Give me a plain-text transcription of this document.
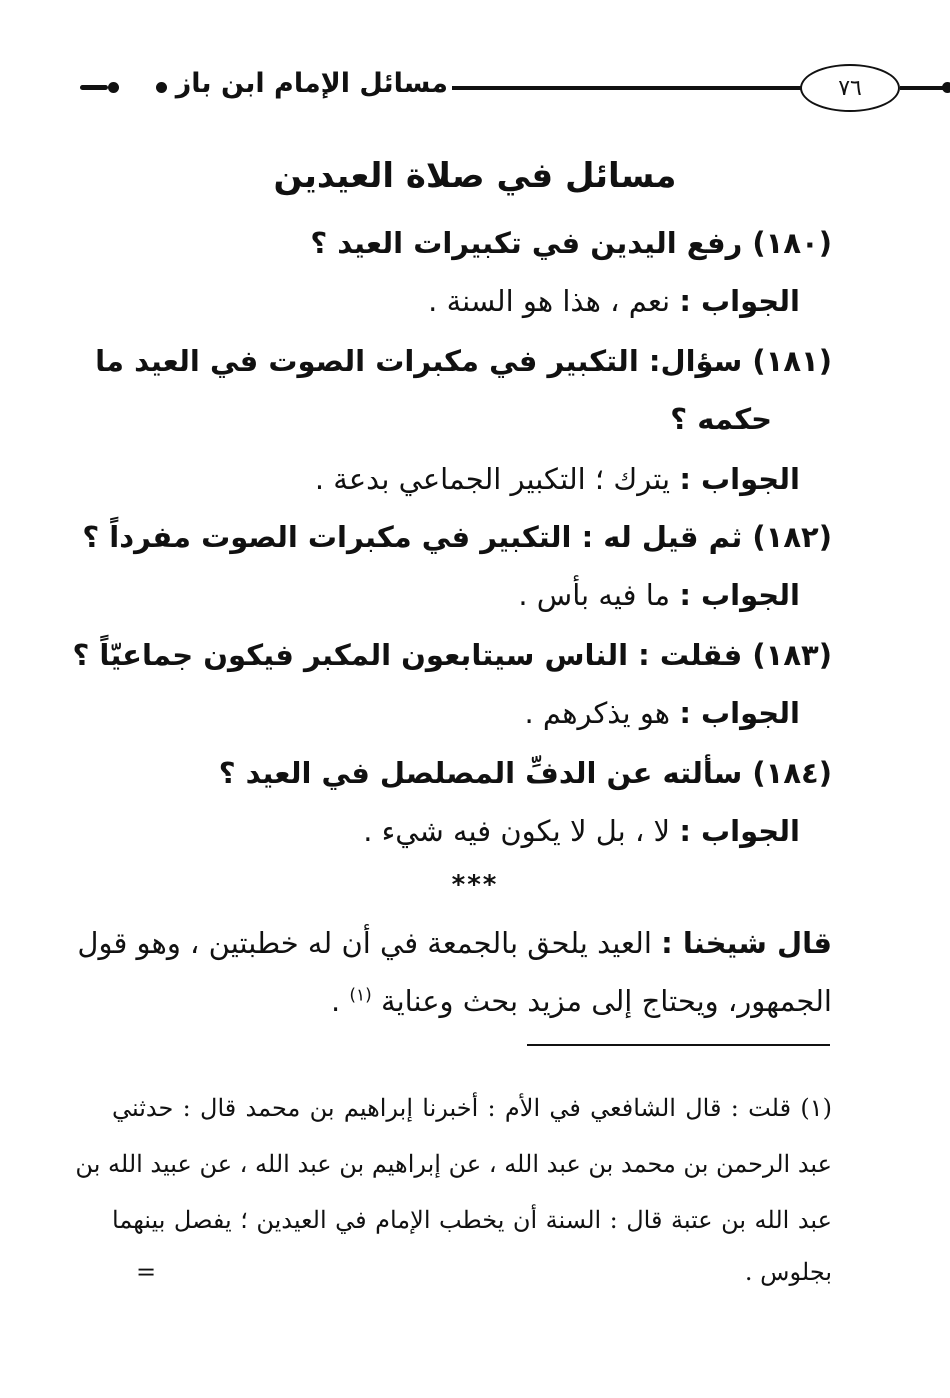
مسائل الإمام ابن باز	٧٦
مسائل في صلاة العيدين
(١٨٠) رفع اليدين في تكبيرات العيد ؟
الجواب : نعم ، هذا هو السنة .
(١٨١) سؤال: التكبير في مكبرات الصوت في العيد ما
حكمه ؟
الجواب : يترك ؛ التكبير الجماعي بدعة .
(١٨٢) ثم قيل له : التكبير في مكبرات الصوت مفرداً ؟
الجواب : ما فيه بأس .
(١٨٣) فقلت : الناس سيتابعون المكبر فيكون جماعيّاً ؟
الجواب : هو يذكرهم .
(١٨٤) سألته عن الدفِّ المصلصل في العيد ؟
الجواب : لا ، بل لا يكون فيه شيء .
***
قال شيخنا : العيد يلحق بالجمعة في أن له خطبتين ، وهو قول
الجمهور، ويحتاج إلى مزيد بحث وعناية $^{(١)}$ .
(١) قلت : قال الشافعي في الأم : أخبرنا إبراهيم بن محمد قال : حدثني
عبد الرحمن بن محمد بن عبد الله ، عن إبراهيم بن عبد الله ، عن عبيد الله بن
عبد الله بن عتبة قال : السنة أن يخطب الإمام في العيدين ؛ يفصل بينهما
بجلوس .
=
